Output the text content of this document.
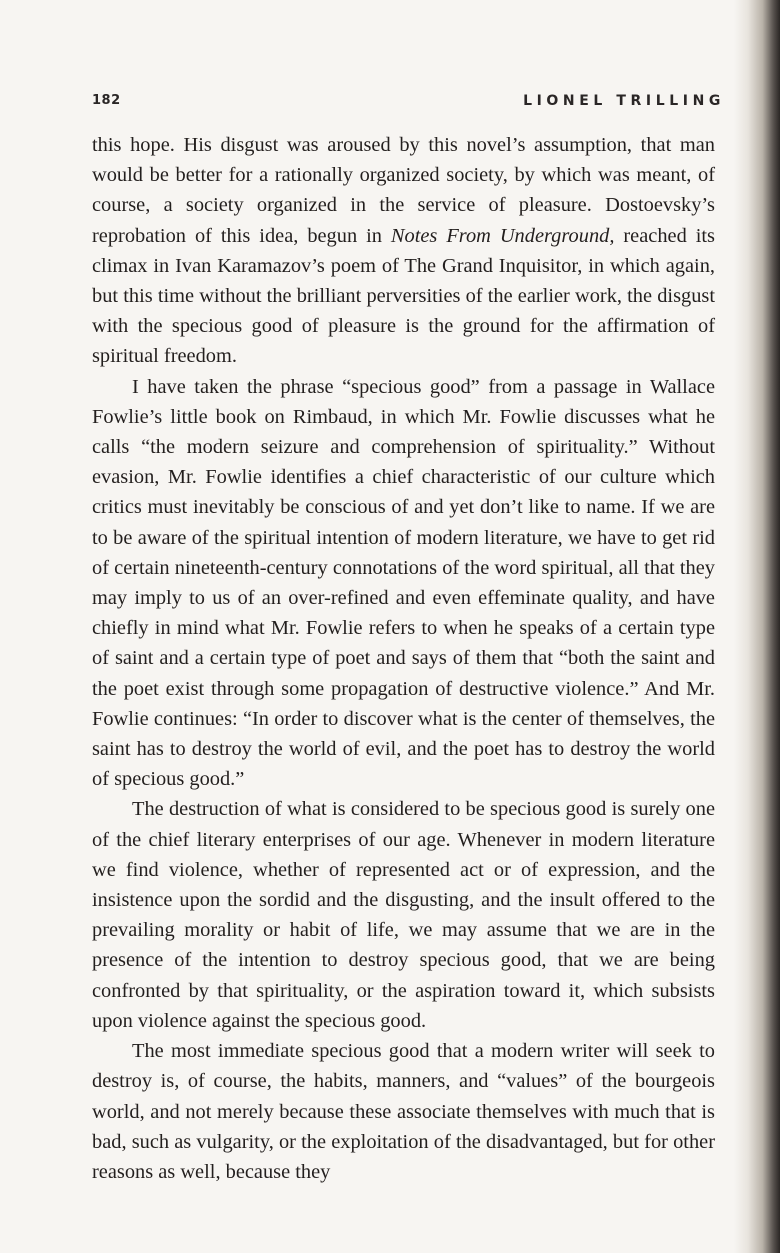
182	LIONEL TRILLING

this hope. His disgust was aroused by this novel’s assumption, that man would be better for a rationally organized society, by which was meant, of course, a society organized in the service of pleasure. Dostoevsky’s reprobation of this idea, begun in Notes From Underground, reached its climax in Ivan Karamazov’s poem of The Grand Inquisitor, in which again, but this time without the brilliant perversities of the earlier work, the disgust with the specious good of pleasure is the ground for the affirmation of spiritual freedom.

I have taken the phrase “specious good” from a passage in Wallace Fowlie’s little book on Rimbaud, in which Mr. Fowlie discusses what he calls “the modern seizure and comprehension of spirituality.” Without evasion, Mr. Fowlie identifies a chief characteristic of our culture which critics must inevitably be conscious of and yet don’t like to name. If we are to be aware of the spiritual intention of modern literature, we have to get rid of certain nineteenth-century connotations of the word spiritual, all that they may imply to us of an over-refined and even effeminate quality, and have chiefly in mind what Mr. Fowlie refers to when he speaks of a certain type of saint and a certain type of poet and says of them that “both the saint and the poet exist through some propagation of destructive violence.” And Mr. Fowlie continues: “In order to discover what is the center of themselves, the saint has to destroy the world of evil, and the poet has to destroy the world of specious good.”

The destruction of what is considered to be specious good is surely one of the chief literary enterprises of our age. Whenever in modern literature we find violence, whether of represented act or of expression, and the insistence upon the sordid and the disgusting, and the insult offered to the prevailing morality or habit of life, we may assume that we are in the presence of the intention to destroy specious good, that we are being confronted by that spirituality, or the aspiration toward it, which subsists upon violence against the specious good.

The most immediate specious good that a modern writer will seek to destroy is, of course, the habits, manners, and “values” of the bourgeois world, and not merely because these associate themselves with much that is bad, such as vulgarity, or the exploitation of the disadvantaged, but for other reasons as well, because they
